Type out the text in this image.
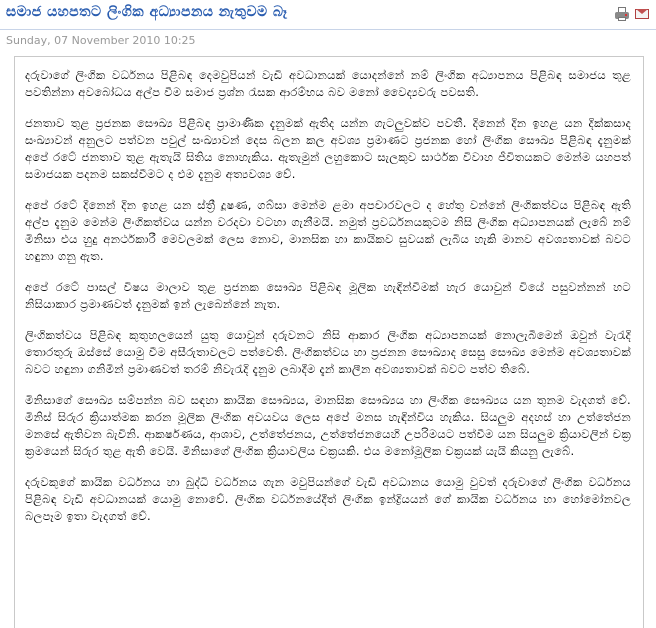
සමාජ යහපතට ලිංගික අධ්‍යාපනය නැතුවම බෑ
Sunday, 07 November 2010 10:25

දරුවාගේ ලිංගික වර්ධනය පිළිබඳ දෙමවුපියන් වැඩි අවධානයක් යොදන්නේ නම් ලිංගික අධ්‍යාපනය පිළිබඳ සමාජය තුළ පවතින්නා අවබෝධය අල්ප වීම සමාජ ප්‍රශ්න රැසක ආරම්භය බව මනෝ වෛද්‍යවරු පවසති.

ජනතාව තුළ ප්‍රජනක සෞඛ්‍ය පිළිබඳ ප්‍රාමාණික දැනුමක් ඇතිද යන්න ගැටලුවක්ව පවතී. දිනෙන් දින ඉහළ යන දික්කසාද සංඛ්‍යාවන් අනුලට පත්වන පවුල් සංඛ්‍යාවන් දෙස බලන කල අවශ්‍ය ප්‍රමාණට ප්‍රජනක හෝ ලිංගික සෞඛ්‍ය පිළිබඳ දැනුමක් අපේ රටේ ජනතාව තුළ ඇතැයි සිතිය නොහැකිය. ඇතැමුන් ලහුකොට සැලකුව සාර්ථක විවාහ ජීවිතයකට මෙන්ම යහපත් සමාජයක පදනම සකස්වීමට ද එම දැනුම අත්‍යවශ්‍ය වේ.

අපේ රටේ දිනෙන් දින ඉහළ යන ස්ත්‍රී දූෂණ, ගබ්සා මෙන්ම ළමා අපචාරවලට ද හේතු වන්නේ ලිංගිකත්වය පිළිබඳ ඇති අල්ප දැනුම මෙන්ම ලිංගිකත්වය යන්න වරදවා වටහා ගැනීමයි. නමුත් ප්‍රවර්ධනයකුටම නිසි ලිංගික අධ්‍යාපනයක් ලැබේ නම් මිනිසා එය හුදු අනර්ථකාරී මෙවලමක් ලෙස නොව, මානසික හා කායිකව සුවයක් ලැබිය හැකි මානව අවශ්‍යතාවක් බවට හඳුනා ගනු ඇත.

අපේ රටේ පාසල් විෂය මාලාව තුළ ප්‍රජනක සෞඛ්‍ය පිළිබඳ මූලික හැඳින්වීමක් හැර යොවුන් වියේ පසුවන්නන් හට නිසියාකාර ප්‍රමාණවත් දැනුමක් ඉන් ලැබෙන්නේ නැත.

ලිංගිකත්වය පිළිබඳ කුතුහලයෙන් යුතු යොවුන් දරුවනට නිසි ආකාර ලිංගික අධ්‍යාපනයක් නොලැබීමෙන් ඔවුන් වැරැදි තොරතුරු ඔස්සේ යොමු වීම අසීරුතාවලට පත්වෙති. ලිංගිකත්වය හා ප්‍රජනන සෞඛ්‍යාද සෙසු සෞඛ්‍ය මෙන්ම අවශ්‍යතාවක් බවට හඳුනා ගනිමින් ප්‍රමාණවත් තරම් නිවැරැදි දැනුම ලබාදීම දැන් කාලීන අවශ්‍යතාවක් බවට පත්ව තිබේ.

මිනිසාගේ සෞඛ්‍ය සම්පන්න බව සඳහා කායික සෞඛ්‍යය, මානසික සෞඛ්‍යය හා ලිංගික සෞඛ්‍යය යන තුනම වැදගත් වේ. මිනිස් සිරුර ක්‍රියාත්මක කරන මූලික ලිංගික අවයවය ලෙස අපේ මනස හැඳින්විය හැකිය. සියලුම අදහස් හා උත්තේජන මනසේ ඇතිවන බැවිනි. ආකර්ෂණය, ආශාව, උත්තේජනය, උත්තේජනයෙහි උපරිමයට පත්වීම යන සියලුම ක්‍රියාවලින් චක්‍ර ක්‍රමයෙන් සිරුර තුළ ඇති වෙයි. මිනිසාගේ ලිංගික ක්‍රියාවලිය චක්‍රයකි. එය මනෝමූලික චක්‍රයක් යැයි කියනු ලැබේ.

දරුවකුගේ කායික වර්ධනය හා බුද්ධි වර්ධනය ගැන මවුපියන්ගේ වැඩි අවධානය යොමු වුවත් දරුවාගේ ලිංගික වර්ධනය පිළිබඳ වැඩි අවධානයක් යොමු නොවේ. ලිංගික වර්ධනයේදීත් ලිංගික ඉන්ද්‍රියයන් ගේ කායික වර්ධනය හා හෝමෝනවල බලපෑම ඉතා වැදගත් වේ.
